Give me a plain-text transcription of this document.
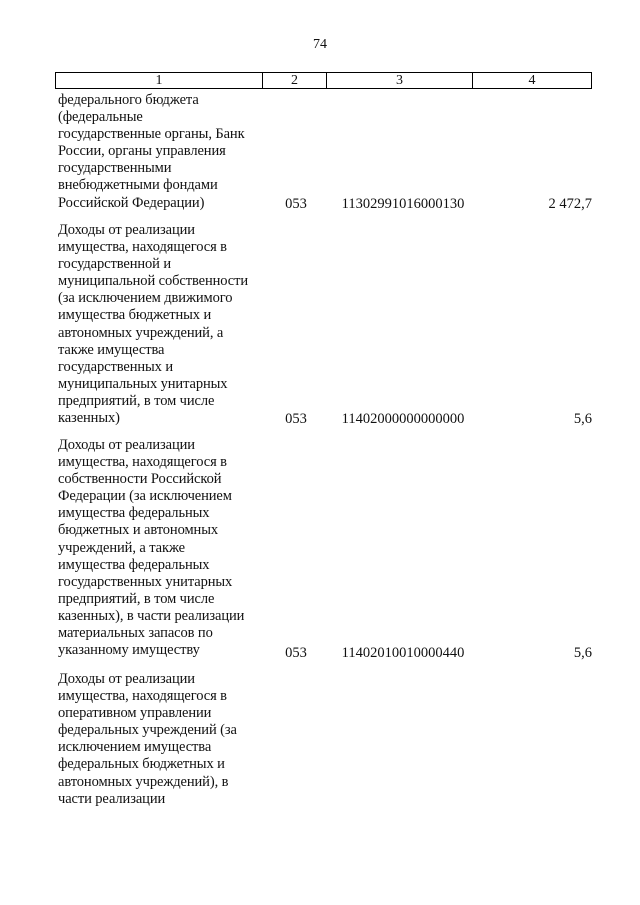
74
1	2	3	4

федерального бюджета

(федеральные

государственные органы, Банк

России, органы управления

государственными

внебюджетными фондами

Российской Федерации)	053	11302991016000130	2 472,7

Доходы от реализации

имущества, находящегося в

государственной и

муниципальной собственности

(за исключением движимого

имущества бюджетных и

автономных учреждений, а

также имущества

государственных и

муниципальных унитарных

предприятий, в том числе

казенных)	053	11402000000000000	5,6

Доходы от реализации

имущества, находящегося в

собственности Российской

Федерации (за исключением

имущества федеральных

бюджетных и автономных

учреждений, а также

имущества федеральных

государственных унитарных

предприятий, в том числе

казенных), в части реализации

материальных запасов по

указанному имуществу	053	11402010010000440	5,6

Доходы от реализации

имущества, находящегося в

оперативном управлении

федеральных учреждений (за

исключением имущества

федеральных бюджетных и

автономных учреждений), в

части реализации
